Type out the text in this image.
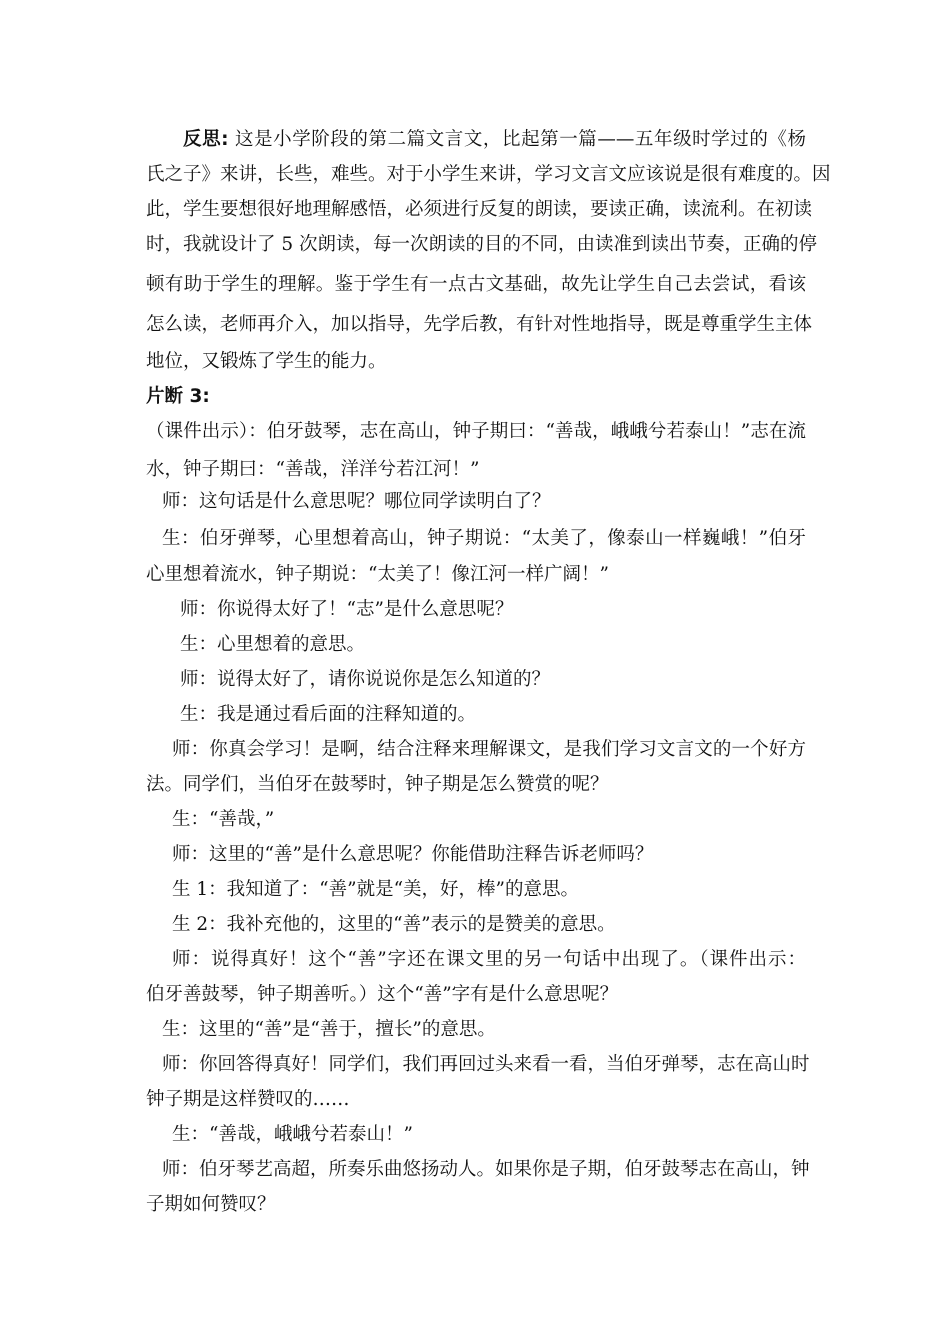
反思: 这是小学阶段的第二篇文言文，比起第一篇——五年级时学过的《杨
氏之子》来讲，长些，难些。对于小学生来讲，学习文言文应该说是很有难度的。因
此，学生要想很好地理解感悟，必须进行反复的朗读，要读正确，读流利。在初读
时，我就设计了 5 次朗读，每一次朗读的目的不同，由读准到读出节奏，正确的停
顿有助于学生的理解。鉴于学生有一点古文基础，故先让学生自己去尝试，看该
怎么读，老师再介入，加以指导，先学后教，有针对性地指导，既是尊重学生主体
地位，又锻炼了学生的能力。
片断 3:
（课件出示）：伯牙鼓琴，志在高山，钟子期曰：“善哉，峨峨兮若泰山！”志在流
水，钟子期曰：“善哉，洋洋兮若江河！”
师：这句话是什么意思呢？哪位同学读明白了？
生：伯牙弹琴，心里想着高山，钟子期说：“太美了，像泰山一样巍峨！”伯牙
心里想着流水，钟子期说：“太美了！像江河一样广阔！”
师：你说得太好了！“志”是什么意思呢？
生：心里想着的意思。
师：说得太好了，请你说说你是怎么知道的？
生：我是通过看后面的注释知道的。
师：你真会学习！是啊，结合注释来理解课文，是我们学习文言文的一个好方
法。同学们，当伯牙在鼓琴时，钟子期是怎么赞赏的呢？
生：“善哉，”
师：这里的“善”是什么意思呢？你能借助注释告诉老师吗？
生 1：我知道了：“善”就是“美，好，棒”的意思。
生 2：我补充他的，这里的“善”表示的是赞美的意思。
师：说得真好！这个“善”字还在课文里的另一句话中出现了。（课件出示：
伯牙善鼓琴，钟子期善听。）这个“善”字有是什么意思呢？
生：这里的“善”是“善于，擅长”的意思。
师：你回答得真好！同学们，我们再回过头来看一看，当伯牙弹琴，志在高山时
钟子期是这样赞叹的……
生：“善哉，峨峨兮若泰山！”
师：伯牙琴艺高超，所奏乐曲悠扬动人。如果你是子期，伯牙鼓琴志在高山，钟
子期如何赞叹？
